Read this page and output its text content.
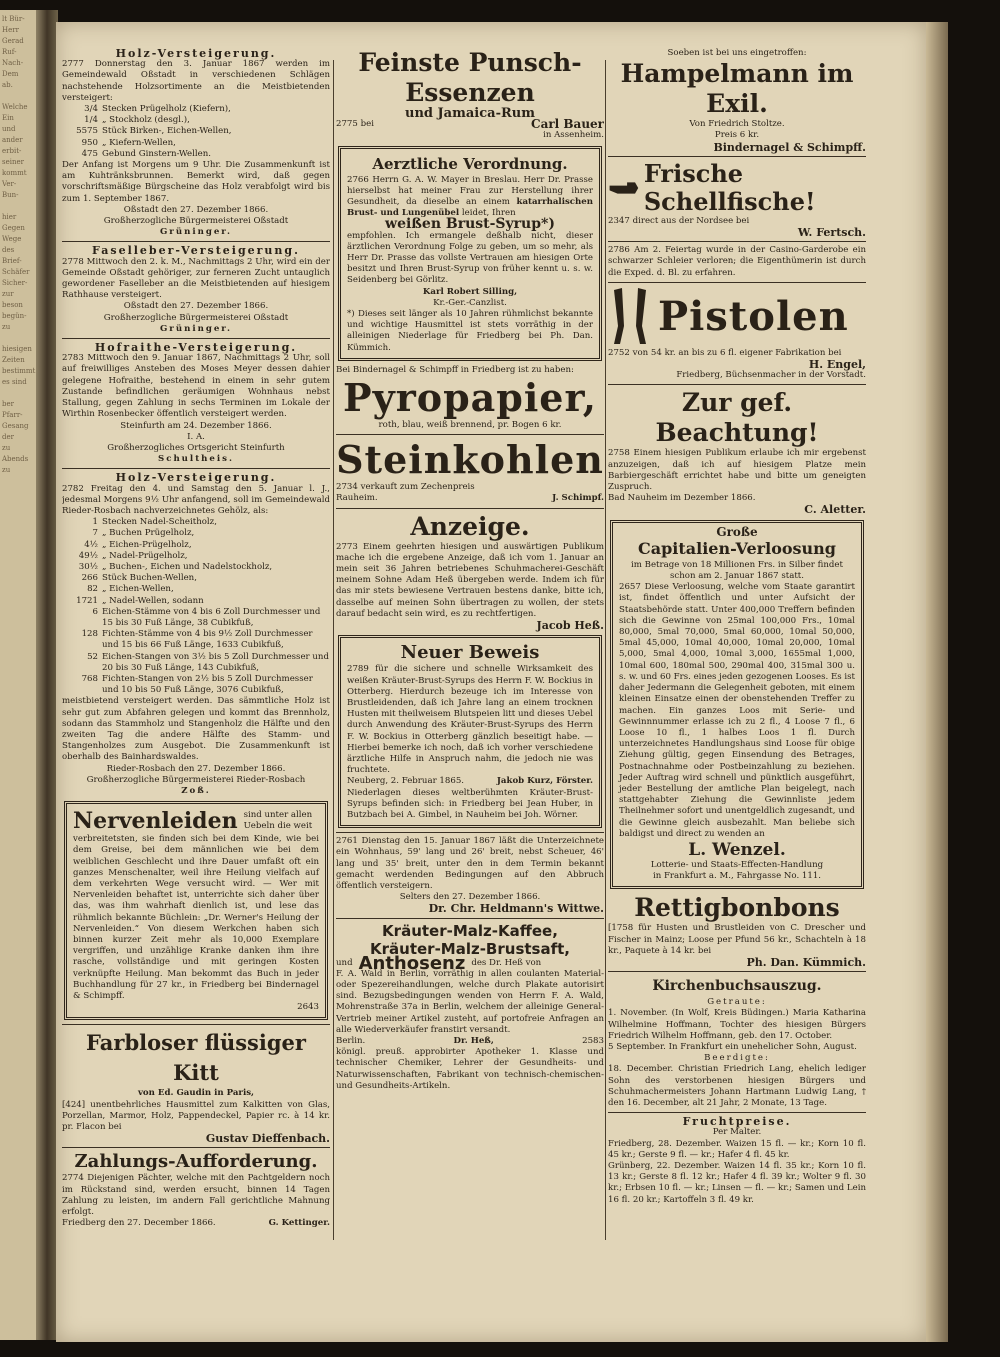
lt Bür-
Herr
Gerad
Ruf-
Nach-
Dem
ab.

Welche
Ein
und
ander
erbit-
seiner
kommt
Ver-
Bun-

hier
Gegen
Wege
des
Brief-
Schäfer
Sicher-
zur
beson
begün-
zu

hiesigen
Zeiten
bestimmt
es sind

ber
Pfarr-
Gesang
der
zu
Abends
zu
Holz-Versteigerung.
2777 Donnerstag den 3. Januar 1867 werden im Gemeindewald Oßstadt in verschiedenen Schlägen nachstehende Holzsortimente an die Meistbietenden versteigert:
3/4 Stecken Prügelholz (Kiefern),
1/4 „ Stockholz (desgl.),
5575 Stück Birken-, Eichen-Wellen,
950 „ Kiefern-Wellen,
475 Gebund Ginstern-Wellen.
Der Anfang ist Morgens um 9 Uhr. Die Zusammenkunft ist am Kuhtränksbrunnen. Bemerkt wird, daß gegen vorschriftsmäßige Bürgscheine das Holz verabfolgt wird bis zum 1. September 1867.
Oßstadt den 27. Dezember 1866.
Großherzogliche Bürgermeisterei Oßstadt
Grüninger.
Faselleber-Versteigerung.
2778 Mittwoch den 2. k. M., Nachmittags 2 Uhr, wird ein der Gemeinde Oßstadt gehöriger, zur ferneren Zucht untauglich gewordener Faselleber an die Meistbietenden auf hiesigem Rathhause versteigert.
Oßstadt den 27. Dezember 1866.
Großherzogliche Bürgermeisterei Oßstadt
Grüninger.
Hofraithe-Versteigerung.
2783 Mittwoch den 9. Januar 1867, Nachmittags 2 Uhr, soll auf freiwilliges Ansteben des Moses Meyer dessen dahier gelegene Hofraithe, bestehend in einem in sehr gutem Zustande befindlichen geräumigen Wohnhaus nebst Stallung, gegen Zahlung in sechs Terminen im Lokale der Wirthin Rosenbecker öffentlich versteigert werden.
Steinfurth am 24. Dezember 1866.
I. A.
Großherzogliches Ortsgericht Steinfurth
Schultheis.
Holz-Versteigerung.
2782 Freitag den 4. und Samstag den 5. Januar l. J., jedesmal Morgens 9½ Uhr anfangend, soll im Gemeindewald Rieder-Rosbach nachverzeichnetes Gehölz, als:
1 Stecken Nadel-Scheitholz,
7 „ Buchen Prügelholz,
4½ „ Eichen-Prügelholz,
49½ „ Nadel-Prügelholz,
30½ „ Buchen-, Eichen und Nadelstockholz,
266 Stück Buchen-Wellen,
82 „ Eichen-Wellen,
1721 „ Nadel-Wellen, sodann
6 Eichen-Stämme von 4 bis 6 Zoll Durchmesser und 15 bis 30 Fuß Länge, 38 Cubikfuß,
128 Fichten-Stämme von 4 bis 9½ Zoll Durchmesser und 15 bis 66 Fuß Länge, 1633 Cubikfuß,
52 Eichen-Stangen von 3½ bis 5 Zoll Durchmesser und 20 bis 30 Fuß Länge, 143 Cubikfuß,
768 Fichten-Stangen von 2½ bis 5 Zoll Durchmesser und 10 bis 50 Fuß Länge, 3076 Cubikfuß,
meistbietend versteigert werden. Das sämmtliche Holz ist sehr gut zum Abfahren gelegen und kommt das Brennholz, sodann das Stammholz und Stangenholz die Hälfte und den zweiten Tag die andere Hälfte des Stamm- und Stangenholzes zum Ausgebot. Die Zusammenkunft ist oberhalb des Bainhardswaldes.
Rieder-Rosbach den 27. Dezember 1866.
Großherzogliche Bürgermeisterei Rieder-Rosbach
Zoß.
Nervenleiden sind unter allen Uebeln die weit
verbreitetsten, sie finden sich bei dem Kinde, wie bei dem Greise, bei dem männlichen wie bei dem weiblichen Geschlecht und ihre Dauer umfaßt oft ein ganzes Menschenalter, weil ihre Heilung vielfach auf dem verkehrten Wege versucht wird. — Wer mit Nervenleiden behaftet ist, unterrichte sich daher über das, was ihm wahrhaft dienlich ist, und lese das rühmlich bekannte Büchlein: „Dr. Werner's Heilung der Nervenleiden.“ Von diesem Werkchen haben sich binnen kurzer Zeit mehr als 10,000 Exemplare vergriffen, und unzählige Kranke danken ihm ihre rasche, vollständige und mit geringen Kosten verknüpfte Heilung. Man bekommt das Buch in jeder Buchhandlung für 27 kr., in Friedberg bei Bindernagel & Schimpff.
2643
Farbloser flüssiger Kitt
von Ed. Gaudin in Paris,
[424] unentbehrliches Hausmittel zum Kalkitten von Glas, Porzellan, Marmor, Holz, Pappendeckel, Papier rc. à 14 kr. pr. Flacon bei
Gustav Dieffenbach.
Zahlungs-Aufforderung.
2774 Diejenigen Pächter, welche mit den Pachtgeldern noch im Rückstand sind, werden ersucht, binnen 14 Tagen Zahlung zu leisten, im andern Fall gerichtliche Mahnung erfolgt.
Friedberg den 27. December 1866.	G. Kettinger.
Feinste Punsch-Essenzen
und Jamaica-Rum
2775 bei	Carl Bauer
in Assenheim.
Aerztliche Verordnung.
2766 Herrn G. A. W. Mayer in Breslau. Herr Dr. Prasse hierselbst hat meiner Frau zur Herstellung ihrer Gesundheit, da dieselbe an einem katarrhalischen Brust- und Lungenübel leidet, Ihren
weißen Brust-Syrup*)
empfohlen. Ich ermangele deßhalb nicht, dieser ärztlichen Verordnung Folge zu geben, um so mehr, als Herr Dr. Prasse das vollste Vertrauen am hiesigen Orte besitzt und Ihren Brust-Syrup von früher kennt u. s. w. Seidenberg bei Görlitz.
Karl Robert Silling,
Kr.-Ger.-Canzlist.
*) Dieses seit länger als 10 Jahren rühmlichst bekannte und wichtige Hausmittel ist stets vorräthig in der alleinigen Niederlage für Friedberg bei Ph. Dan. Kümmich.
Bei Bindernagel & Schimpff in Friedberg ist zu haben:
Pyropapier,
roth, blau, weiß brennend, pr. Bogen 6 kr.
Steinkohlen
2734 verkauft zum Zechenpreis
Rauheim.	J. Schimpf.
Anzeige.
2773 Einem geehrten hiesigen und auswärtigen Publikum mache ich die ergebene Anzeige, daß ich vom 1. Januar an mein seit 36 Jahren betriebenes Schuhmacherei-Geschäft meinem Sohne Adam Heß übergeben werde. Indem ich für das mir stets bewiesene Vertrauen bestens danke, bitte ich, dasselbe auf meinen Sohn übertragen zu wollen, der stets darauf bedacht sein wird, es zu rechtfertigen.
Jacob Heß.
Neuer Beweis
2789 für die sichere und schnelle Wirksamkeit des weißen Kräuter-Brust-Syrups des Herrn F. W. Bockius in Otterberg. Hierdurch bezeuge ich im Interesse von Brustleidenden, daß ich Jahre lang an einem trocknen Husten mit theilweisem Blutspeien litt und dieses Uebel durch Anwendung des Kräuter-Brust-Syrups des Herrn F. W. Bockius in Otterberg gänzlich beseitigt habe. — Hierbei bemerke ich noch, daß ich vorher verschiedene ärztliche Hilfe in Anspruch nahm, die jedoch nie was fruchtete.
Neuberg, 2. Februar 1865.	Jakob Kurz, Förster.
Niederlagen dieses weltberühmten Kräuter-Brust-Syrups befinden sich: in Friedberg bei Jean Huber, in Butzbach bei A. Gimbel, in Nauheim bei Joh. Wörner.
2761 Dienstag den 15. Januar 1867 läßt die Unterzeichnete ein Wohnhaus, 59' lang und 26' breit, nebst Scheuer, 46' lang und 35' breit, unter den in dem Termin bekannt gemacht werdenden Bedingungen auf den Abbruch öffentlich versteigern.
Selters den 27. Dezember 1866.
Dr. Chr. Heldmann's Wittwe.
Kräuter-Malz-Kaffee,
Kräuter-Malz-Brustsaft,
und Anthosenz des Dr. Heß von
F. A. Wald in Berlin, vorräthig in allen coulanten Material- oder Spezereihandlungen, welche durch Plakate autorisirt sind. Bezugsbedingungen wenden von Herrn F. A. Wald, Mohrenstraße 37a in Berlin, welchem der alleinige General-Vertrieb meiner Artikel zusteht, auf portofreie Anfragen an alle Wiederverkäufer franstirt versandt.
Berlin.	Dr. Heß,	2583
königl. preuß. approbirter Apotheker 1. Klasse und technischer Chemiker, Lehrer der Gesundheits- und Naturwissenschaften, Fabrikant von technisch-chemischen- und Gesundheits-Artikeln.
Soeben ist bei uns eingetroffen:
Hampelmann im Exil.
Von Friedrich Stoltze.
Preis 6 kr.
Bindernagel & Schimpff.
Frische Schellfische!
2347 direct aus der Nordsee bei
W. Fertsch.
2786 Am 2. Feiertag wurde in der Casino-Garderobe ein schwarzer Schleier verloren; die Eigenthümerin ist durch die Exped. d. Bl. zu erfahren.
Pistolen
2752 von 54 kr. an bis zu 6 fl. eigener Fabrikation bei
H. Engel,
Friedberg, Büchsenmacher in der Vorstadt.
Zur gef. Beachtung!
2758 Einem hiesigen Publikum erlaube ich mir ergebenst anzuzeigen, daß ich auf hiesigem Platze mein Barbiergeschäft errichtet habe und bitte um geneigten Zuspruch.
Bad Nauheim im Dezember 1866.
C. Aletter.
Große
Capitalien-Verloosung
im Betrage von 18 Millionen Frs. in Silber findet schon am 2. Januar 1867 statt.
2657 Diese Verloosung, welche vom Staate garantirt ist, findet öffentlich und unter Aufsicht der Staatsbehörde statt. Unter 400,000 Treffern befinden sich die Gewinne von 25mal 100,000 Frs., 10mal 80,000, 5mal 70,000, 5mal 60,000, 10mal 50,000, 5mal 45,000, 10mal 40,000, 10mal 20,000, 10mal 5,000, 5mal 4,000, 10mal 3,000, 1655mal 1,000, 10mal 600, 180mal 500, 290mal 400, 315mal 300 u. s. w. und 60 Frs. eines jeden gezogenen Looses. Es ist daher Jedermann die Gelegenheit geboten, mit einem kleinen Einsatze einen der obenstehenden Treffer zu machen. Ein ganzes Loos mit Serie- und Gewinnnummer erlasse ich zu 2 fl., 4 Loose 7 fl., 6 Loose 10 fl., 1 halbes Loos 1 fl. Durch unterzeichnetes Handlungshaus sind Loose für obige Ziehung gültig, gegen Einsendung des Betrages, Postnachnahme oder Postbeinzahlung zu beziehen. Jeder Auftrag wird schnell und pünktlich ausgeführt, jeder Bestellung der amtliche Plan beigelegt, nach stattgehabter Ziehung die Gewinnliste jedem Theilnehmer sofort und unentgeldlich zugesandt, und die Gewinne gleich ausbezahlt. Man beliebe sich baldigst und direct zu wenden an
L. Wenzel.
Lotterie- und Staats-Effecten-Handlung
in Frankfurt a. M., Fahrgasse No. 111.
Rettigbonbons
[1758 für Husten und Brustleiden von C. Drescher und Fischer in Mainz; Loose per Pfund 56 kr., Schachteln à 18 kr., Paquete à 14 kr. bei
Ph. Dan. Kümmich.
Kirchenbuchsauszug.
Getraute:
1. November. (In Wolf, Kreis Büdingen.) Maria Katharina Wilhelmine Hoffmann, Tochter des hiesigen Bürgers Friedrich Wilhelm Hoffmann, geb. den 17. October.
5 September. In Frankfurt ein unehelicher Sohn, August.
Beerdigte:
18. December. Christian Friedrich Lang, ehelich lediger Sohn des verstorbenen hiesigen Bürgers und Schuhmachermeisters Johann Hartmann Ludwig Lang, † den 16. December, alt 21 Jahr, 2 Monate, 13 Tage.
Fruchtpreise.
Per Malter.
Friedberg, 28. Dezember. Waizen 15 fl. — kr.; Korn 10 fl. 45 kr.; Gerste 9 fl. — kr.; Hafer 4 fl. 45 kr.
Grünberg, 22. Dezember. Waizen 14 fl. 35 kr.; Korn 10 fl. 13 kr.; Gerste 8 fl. 12 kr.; Hafer 4 fl. 39 kr.; Wolter 9 fl. 30 kr.; Erbsen 10 fl. — kr.; Linsen — fl. — kr.; Samen und Lein 16 fl. 20 kr.; Kartoffeln 3 fl. 49 kr.
